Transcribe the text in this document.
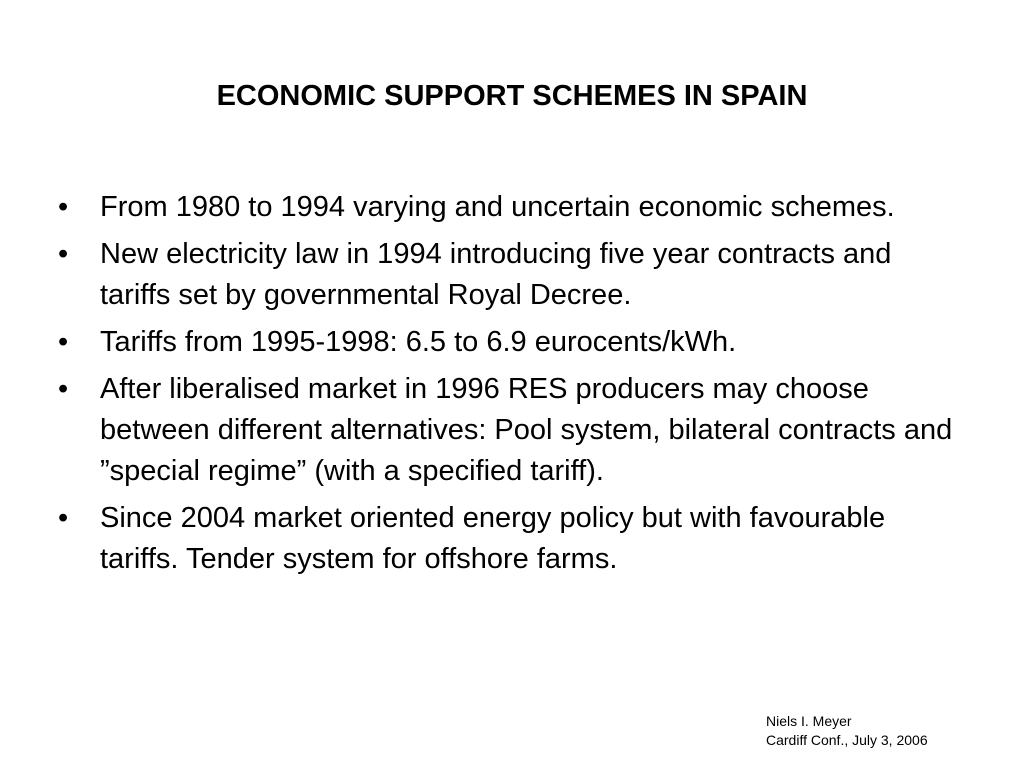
ECONOMIC SUPPORT SCHEMES IN SPAIN
•	From 1980 to 1994 varying and uncertain economic schemes.
•	New electricity law in 1994 introducing five year contracts and tariffs set by governmental Royal Decree.
•	Tariffs from 1995-1998: 6.5 to 6.9 eurocents/kWh.
•	After liberalised market in 1996 RES producers may choose between different alternatives: Pool system, bilateral contracts and ”special regime” (with a specified tariff).
•	Since 2004 market oriented energy policy but with favourable tariffs. Tender system for offshore farms.
Niels I. Meyer
Cardiff Conf., July 3, 2006
